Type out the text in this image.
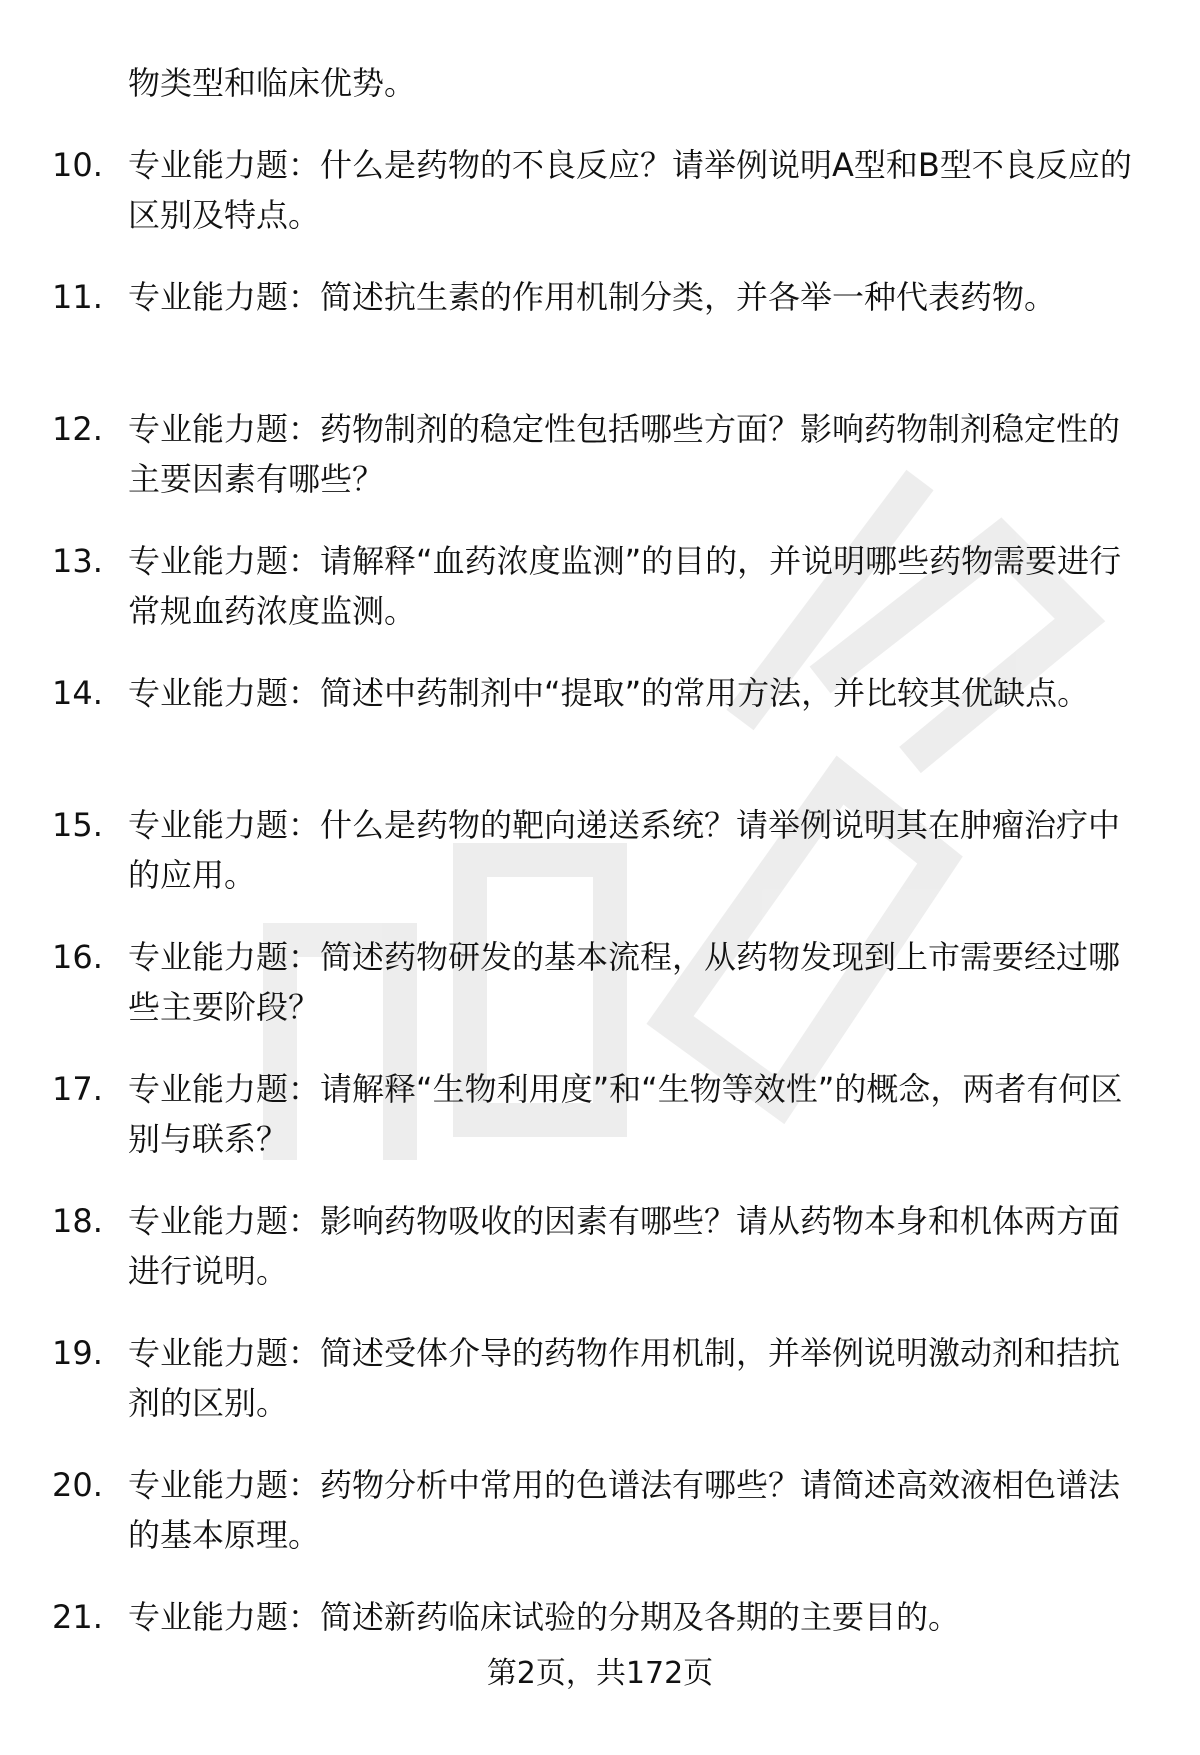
物类型和临床优势。
10. 专业能力题：什么是药物的不良反应？请举例说明A型和B型不良反应的区别及特点。
11. 专业能力题：简述抗生素的作用机制分类，并各举一种代表药物。
12. 专业能力题：药物制剂的稳定性包括哪些方面？影响药物制剂稳定性的主要因素有哪些？
13. 专业能力题：请解释“血药浓度监测”的目的，并说明哪些药物需要进行常规血药浓度监测。
14. 专业能力题：简述中药制剂中“提取”的常用方法，并比较其优缺点。
15. 专业能力题：什么是药物的靶向递送系统？请举例说明其在肿瘤治疗中的应用。
16. 专业能力题：简述药物研发的基本流程，从药物发现到上市需要经过哪些主要阶段？
17. 专业能力题：请解释“生物利用度”和“生物等效性”的概念，两者有何区别与联系？
18. 专业能力题：影响药物吸收的因素有哪些？请从药物本身和机体两方面进行说明。
19. 专业能力题：简述受体介导的药物作用机制，并举例说明激动剂和拮抗剂的区别。
20. 专业能力题：药物分析中常用的色谱法有哪些？请简述高效液相色谱法的基本原理。
21. 专业能力题：简述新药临床试验的分期及各期的主要目的。
第2页，共172页
